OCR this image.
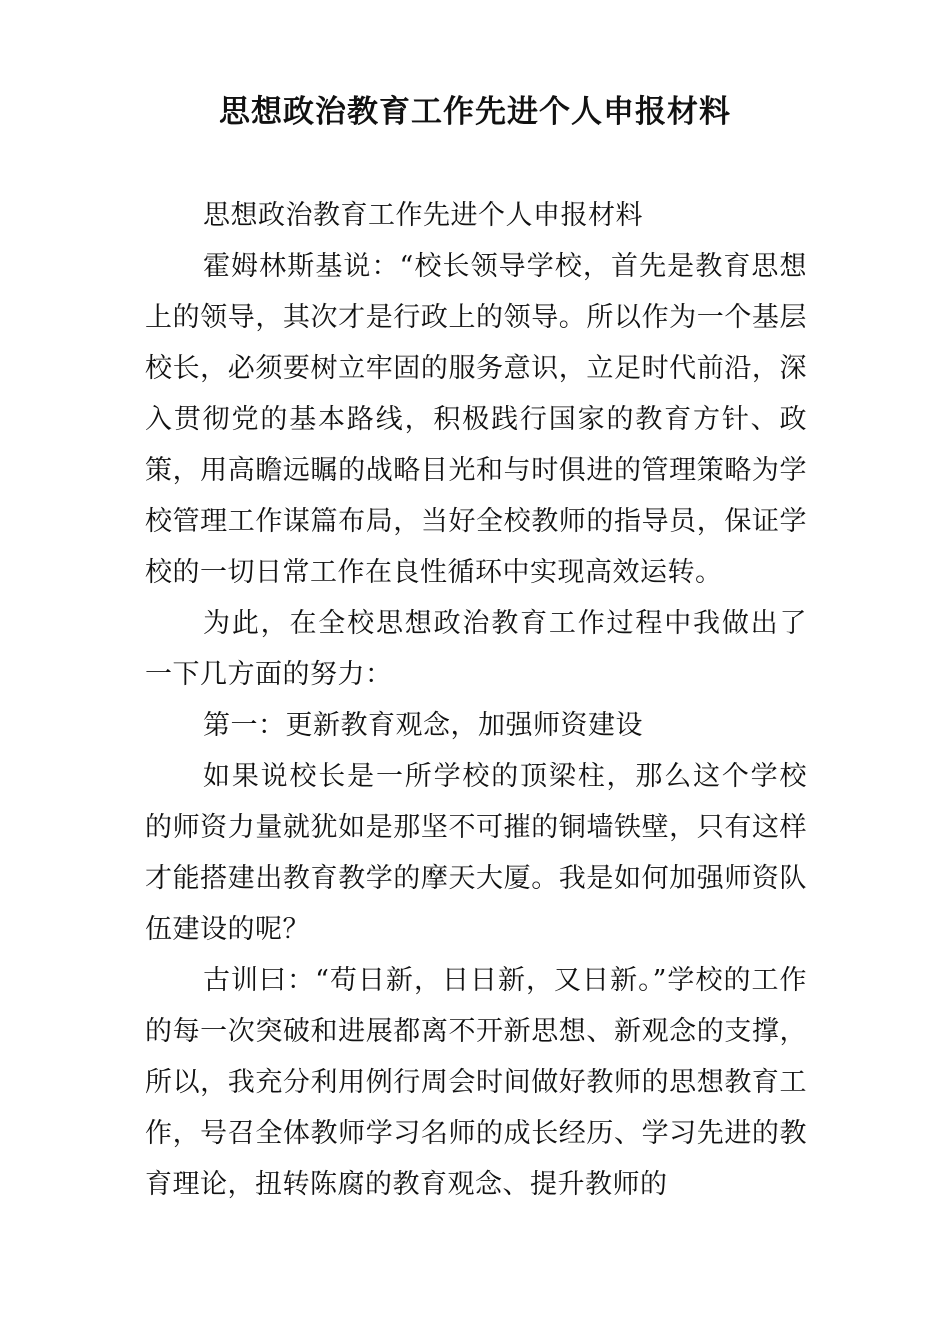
思想政治教育工作先进个人申报材料

思想政治教育工作先进个人申报材料

霍姆林斯基说：“校长领导学校，首先是教育思想上的领导，其次才是行政上的领导。所以作为一个基层校长，必须要树立牢固的服务意识，立足时代前沿，深入贯彻党的基本路线，积极践行国家的教育方针、政策，用高瞻远瞩的战略目光和与时俱进的管理策略为学校管理工作谋篇布局，当好全校教师的指导员，保证学校的一切日常工作在良性循环中实现高效运转。

为此，在全校思想政治教育工作过程中我做出了一下几方面的努力：

第一：更新教育观念，加强师资建设

如果说校长是一所学校的顶梁柱，那么这个学校的师资力量就犹如是那坚不可摧的铜墙铁壁，只有这样才能搭建出教育教学的摩天大厦。我是如何加强师资队伍建设的呢？

古训曰：“苟日新，日日新，又日新。”学校的工作的每一次突破和进展都离不开新思想、新观念的支撑，所以，我充分利用例行周会时间做好教师的思想教育工作，号召全体教师学习名师的成长经历、学习先进的教育理论，扭转陈腐的教育观念、提升教师的
